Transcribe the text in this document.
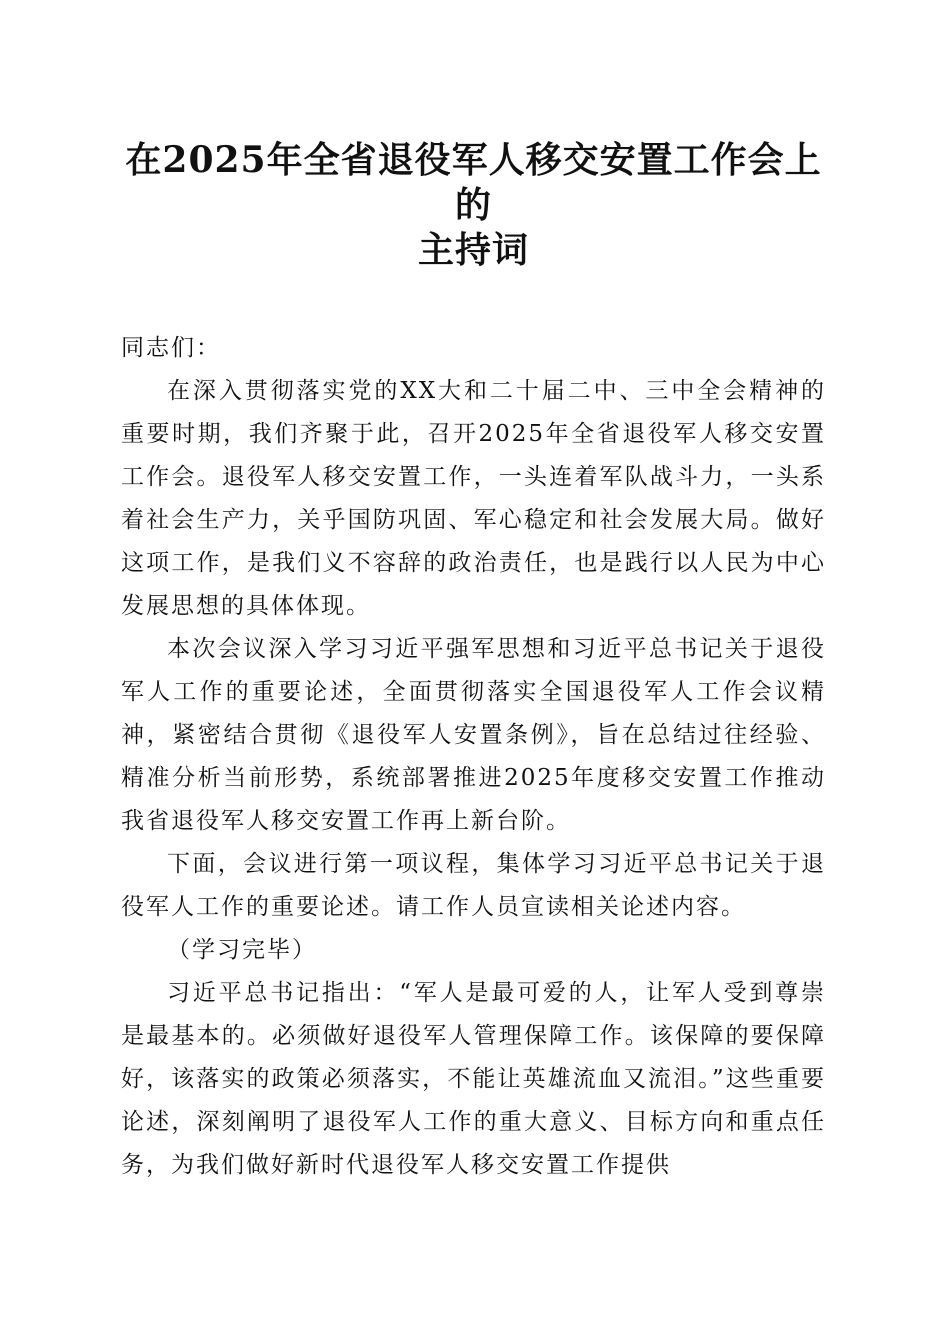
在2025年全省退役军人移交安置工作会上的
主持词

同志们：

在深入贯彻落实党的XX大和二十届二中、三中全会精神的重要时期，我们齐聚于此，召开2025年全省退役军人移交安置工作会。退役军人移交安置工作，一头连着军队战斗力，一头系着社会生产力，关乎国防巩固、军心稳定和社会发展大局。做好这项工作，是我们义不容辞的政治责任，也是践行以人民为中心发展思想的具体体现。

本次会议深入学习习近平强军思想和习近平总书记关于退役军人工作的重要论述，全面贯彻落实全国退役军人工作会议精神，紧密结合贯彻《退役军人安置条例》，旨在总结过往经验、精准分析当前形势，系统部署推进2025年度移交安置工作推动我省退役军人移交安置工作再上新台阶。

下面，会议进行第一项议程，集体学习习近平总书记关于退役军人工作的重要论述。请工作人员宣读相关论述内容。

（学习完毕）

习近平总书记指出：“军人是最可爱的人，让军人受到尊崇是最基本的。必须做好退役军人管理保障工作。该保障的要保障好，该落实的政策必须落实，不能让英雄流血又流泪。”这些重要论述，深刻阐明了退役军人工作的重大意义、目标方向和重点任务，为我们做好新时代退役军人移交安置工作提供
